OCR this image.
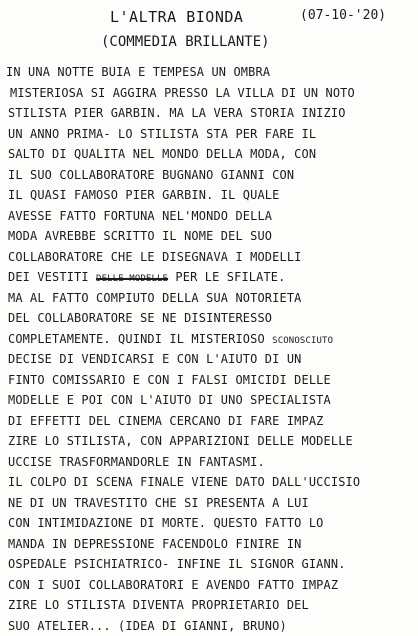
L'ALTRA BIONDA	(07-10-'20)
(COMMEDIA BRILLANTE)
IN UNA NOTTE BUIA E TEMPESA UN OMBRA
MISTERIOSA SI AGGIRA PRESSO LA VILLA DI UN NOTO
STILISTA PIER GARBIN. MA LA VERA STORIA INIZIO
UN ANNO PRIMA- LO STILISTA STA PER FARE IL
SALTO DI QUALITA NEL MONDO DELLA MODA, CON
IL SUO COLLABORATORE BUGNANO GIANNI CON
IL QUASI FAMOSO PIER GARBIN. IL QUALE
AVESSE FATTO FORTUNA NEL'MONDO DELLA
MODA AVREBBE SCRITTO IL NOME DEL SUO
COLLABORATORE CHE LE DISEGNAVA I MODELLI
DEI VESTITI DELLE MODELLE PER LE SFILATE.
MA AL FATTO COMPIUTO DELLA SUA NOTORIETA
DEL COLLABORATORE SE NE DISINTERESSO
COMPLETAMENTE. QUINDI IL MISTERIOSO SCONOSCIUTO
DECISE DI VENDICARSI E CON L'AIUTO DI UN
FINTO COMISSARIO E CON I FALSI OMICIDI DELLE
MODELLE E POI CON L'AIUTO DI UNO SPECIALISTA
DI EFFETTI DEL CINEMA CERCANO DI FARE IMPAZ
ZIRE LO STILISTA, CON APPARIZIONI DELLE MODELLE
UCCISE TRASFORMANDORLE IN FANTASMI.
IL COLPO DI SCENA FINALE VIENE DATO DALL'UCCISIO
NE DI UN TRAVESTITO CHE SI PRESENTA A LUI
CON INTIMIDAZIONE DI MORTE. QUESTO FATTO LO
MANDA IN DEPRESSIONE FACENDOLO FINIRE IN
OSPEDALE PSICHIATRICO- INFINE IL SIGNOR GIANN.
CON I SUOI COLLABORATORI E AVENDO FATTO IMPAZ
ZIRE LO STILISTA DIVENTA PROPRIETARIO DEL
SUO ATELIER... (IDEA DI GIANNI, BRUNO)
